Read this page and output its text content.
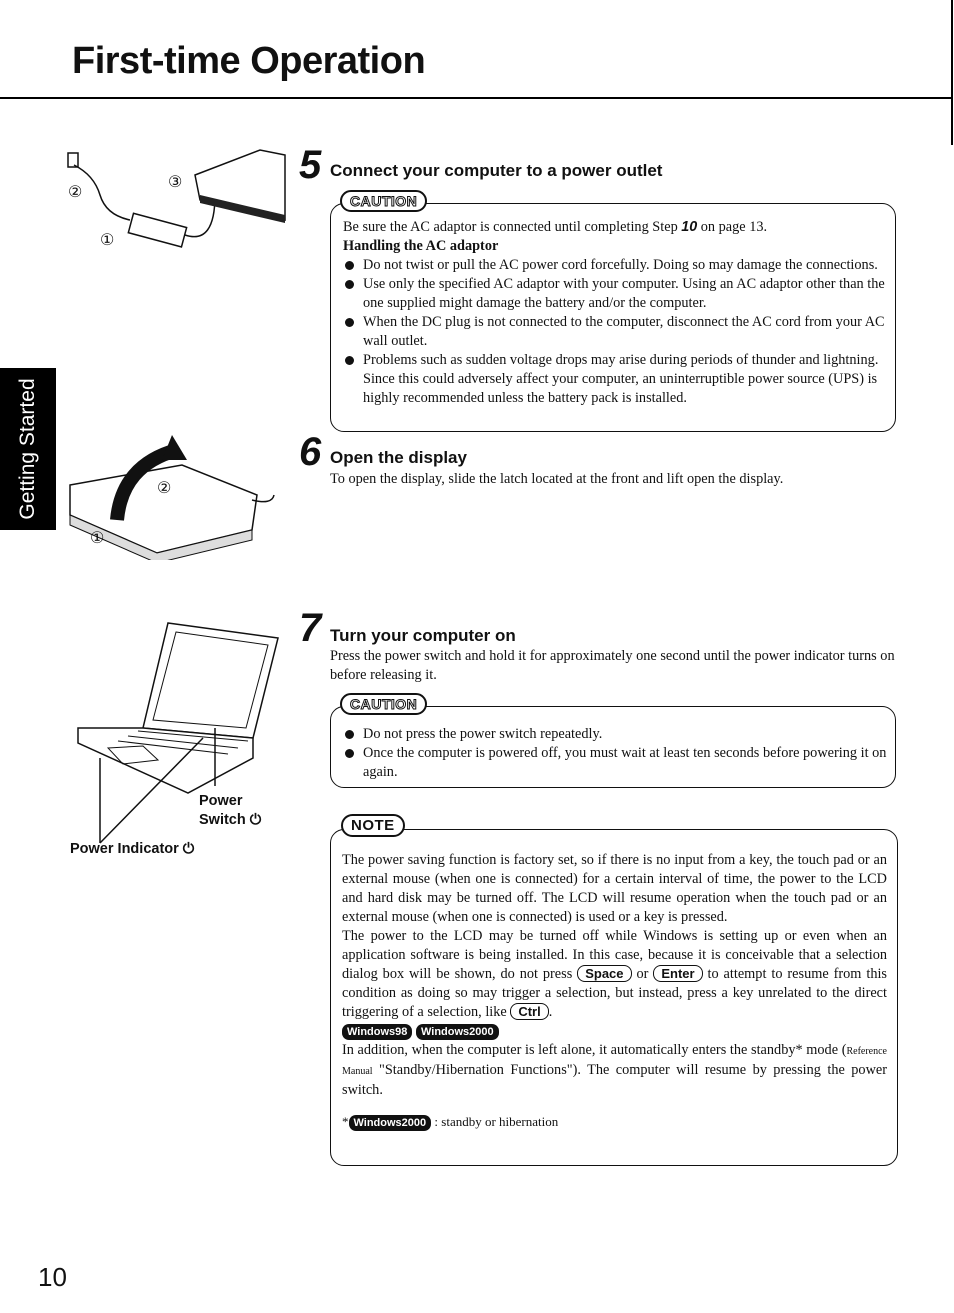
First-time Operation
Getting Started
②
③
①
5 Connect your computer to a power outlet
CAUTION
Be sure the AC adaptor is connected until completing Step 10 on page 13.
Handling the AC adaptor
Do not twist or pull the AC power cord forcefully. Doing so may damage the connections.
Use only the specified AC adaptor with your computer. Using an AC adaptor other than the one supplied might damage the battery and/or the computer.
When the DC plug is not connected to the computer, disconnect the AC cord from your AC wall outlet.
Problems such as sudden voltage drops may arise during periods of thunder and lightning. Since this could adversely affect your computer, an uninterruptible power source (UPS) is highly recommended unless the battery pack is installed.
②
①
6 Open the display
To open the display, slide the latch located at the front and lift open the display.
Power
Switch ⏻
Power Indicator ⏻
7 Turn your computer on
Press the power switch and hold it for approximately one second until the power indicator turns on before releasing it.
CAUTION
Do not press the power switch repeatedly.
Once the computer is powered off, you must wait at least ten seconds before powering it on again.
NOTE
The power saving function is factory set, so if there is no input from a key, the touch pad or an external mouse (when one is connected) for a certain interval of time, the power to the LCD and hard disk may be turned off. The LCD will resume operation when the touch pad or an external mouse (when one is connected) is used or a key is pressed.
The power to the LCD may be turned off while Windows is setting up or even when an application software is being installed. In this case, because it is conceivable that a selection dialog box will be shown, do not press Space or Enter to attempt to resume from this condition as doing so may trigger a selection, but instead, press a key unrelated to the direct triggering of a selection, like Ctrl .
Windows98 Windows2000
In addition, when the computer is left alone, it automatically enters the standby* mode (Reference Manual "Standby/Hibernation Functions"). The computer will resume by pressing the power switch.
* Windows2000 : standby or hibernation
10
